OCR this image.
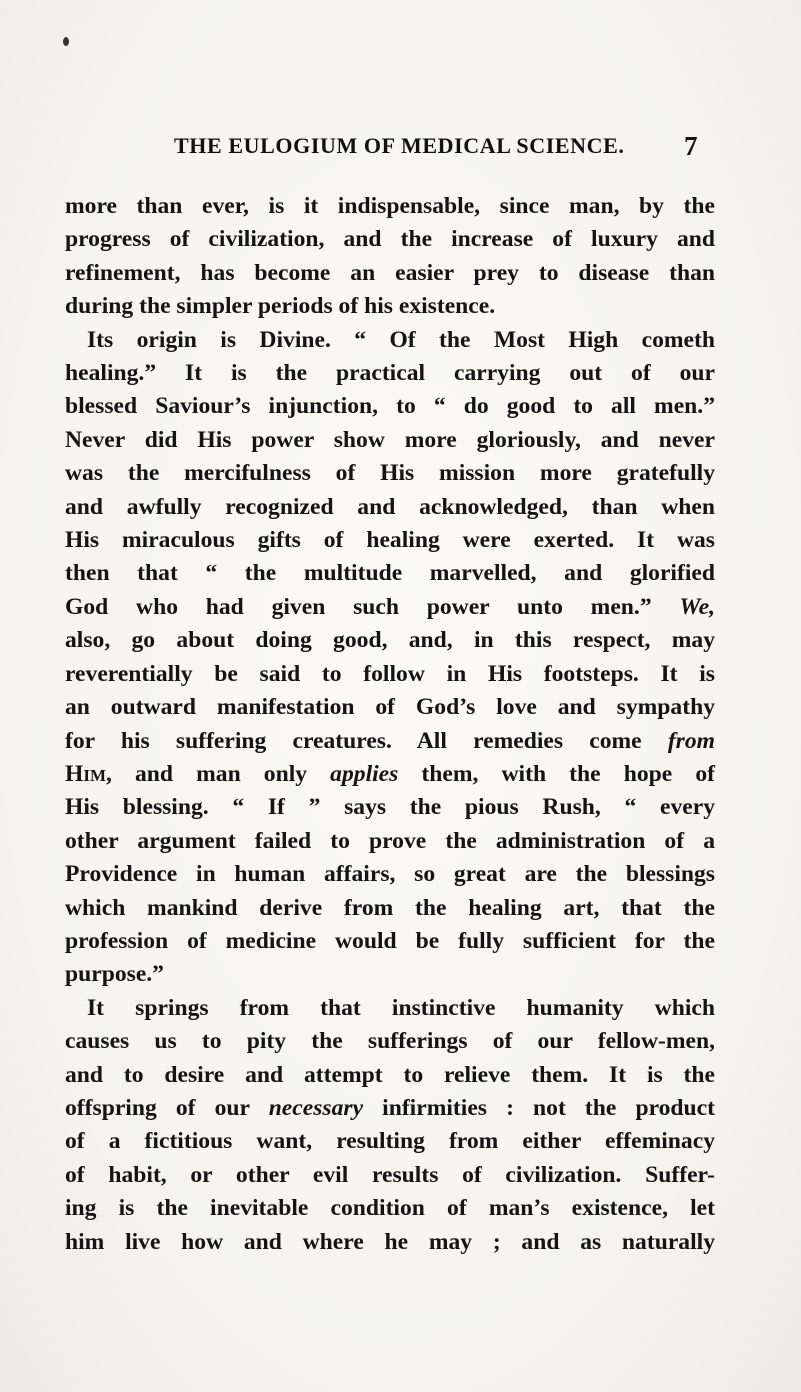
THE EULOGIUM OF MEDICAL SCIENCE.	7
more than ever, is it indispensable, since man, by the
progress of civilization, and the increase of luxury and
refinement, has become an easier prey to disease than
during the simpler periods of his existence.
Its origin is Divine. “ Of the Most High cometh
healing.” It is the practical carrying out of our
blessed Saviour’s injunction, to “ do good to all men.”
Never did His power show more gloriously, and never
was the mercifulness of His mission more gratefully
and awfully recognized and acknowledged, than when
His miraculous gifts of healing were exerted. It was
then that “ the multitude marvelled, and glorified
God who had given such power unto men.” We,
also, go about doing good, and, in this respect, may
reverentially be said to follow in His footsteps. It is
an outward manifestation of God’s love and sympathy
for his suffering creatures. All remedies come from
Him, and man only applies them, with the hope of
His blessing. “ If ” says the pious Rush, “ every
other argument failed to prove the administration of a
Providence in human affairs, so great are the blessings
which mankind derive from the healing art, that the
profession of medicine would be fully sufficient for the
purpose.”
It springs from that instinctive humanity which
causes us to pity the sufferings of our fellow-men,
and to desire and attempt to relieve them. It is the
offspring of our necessary infirmities : not the product
of a fictitious want, resulting from either effeminacy
of habit, or other evil results of civilization. Suffer-
ing is the inevitable condition of man’s existence, let
him live how and where he may ; and as naturally
